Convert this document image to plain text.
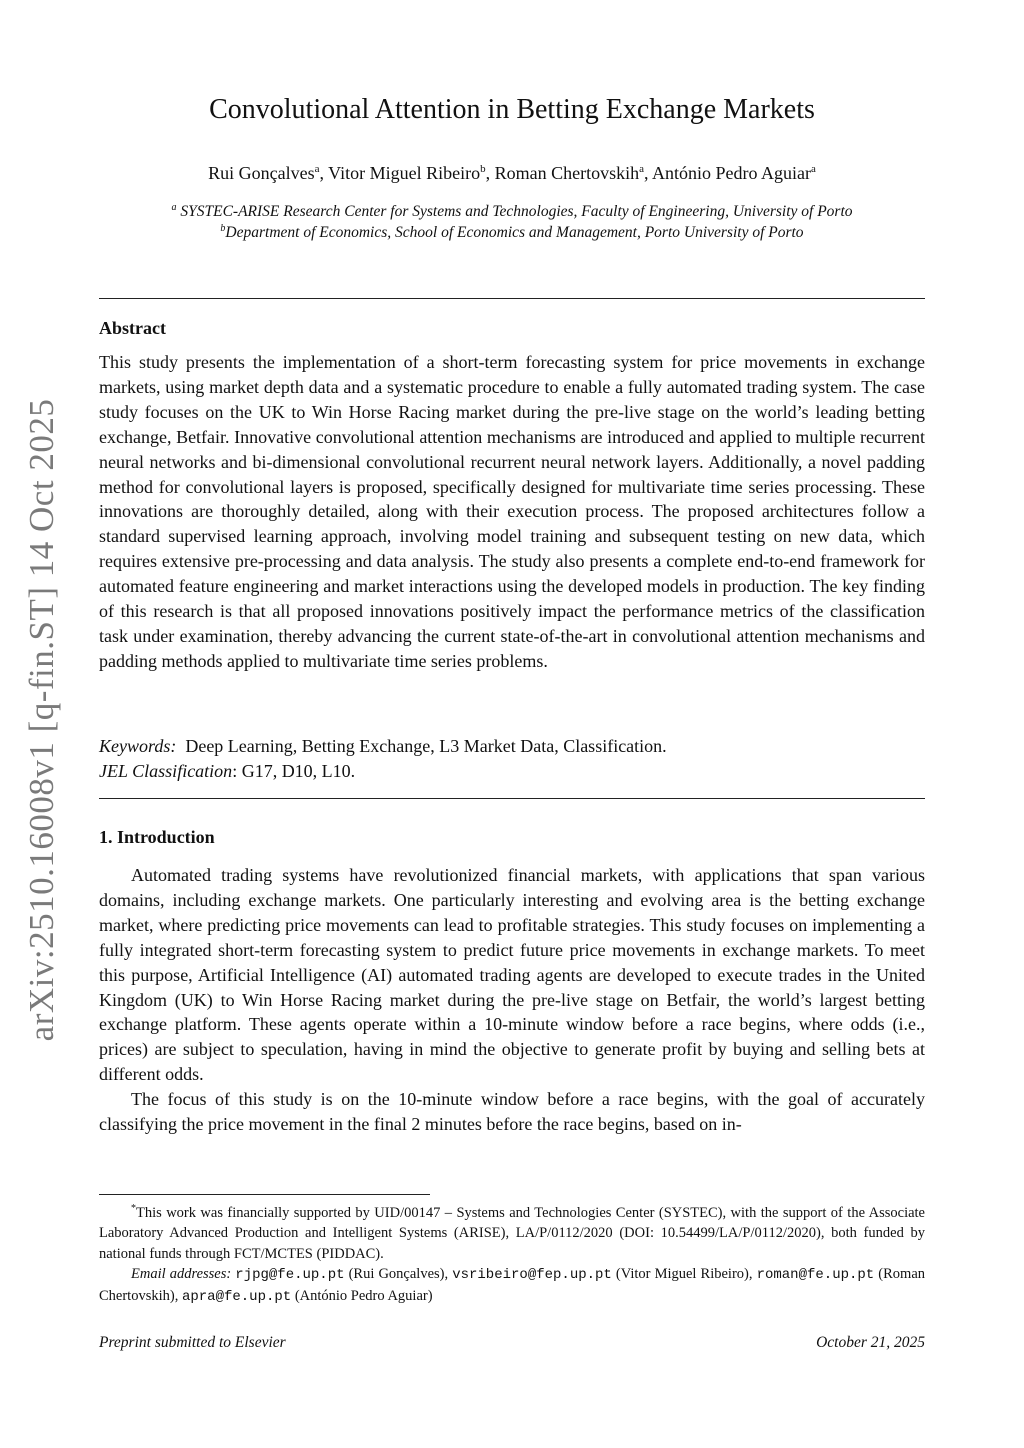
arXiv:2510.16008v1 [q-fin.ST] 14 Oct 2025
Convolutional Attention in Betting Exchange Markets
Rui Gonçalves$^a$, Vitor Miguel Ribeiro$^b$, Roman Chertovskih$^a$, António Pedro Aguiar$^a$
$^a$ SYSTEC-ARISE Research Center for Systems and Technologies, Faculty of Engineering, University of Porto
$^b$Department of Economics, School of Economics and Management, Porto University of Porto
Abstract
This study presents the implementation of a short-term forecasting system for price movements in exchange markets, using market depth data and a systematic procedure to enable a fully automated trading system. The case study focuses on the UK to Win Horse Racing market during the pre-live stage on the world’s leading betting exchange, Betfair. Innovative convolutional attention mechanisms are introduced and applied to multiple recurrent neural networks and bi-dimensional convolutional recurrent neural network layers. Additionally, a novel padding method for convolutional layers is proposed, specifically designed for multivariate time series processing. These innovations are thoroughly detailed, along with their execution process. The proposed architectures follow a standard supervised learning approach, involving model training and subsequent testing on new data, which requires extensive pre-processing and data analysis. The study also presents a complete end-to-end framework for automated feature engineering and market interactions using the developed models in production. The key finding of this research is that all proposed innovations positively impact the performance metrics of the classification task under examination, thereby advancing the current state-of-the-art in convolutional attention mechanisms and padding methods applied to multivariate time series problems.
Keywords: Deep Learning, Betting Exchange, L3 Market Data, Classification.
JEL Classification: G17, D10, L10.
1. Introduction

Automated trading systems have revolutionized financial markets, with applications that span various domains, including exchange markets. One particularly interesting and evolving area is the betting exchange market, where predicting price movements can lead to profitable strategies. This study focuses on implementing a fully integrated short-term forecasting system to predict future price movements in exchange markets. To meet this purpose, Artificial Intelligence (AI) automated trading agents are developed to execute trades in the United Kingdom (UK) to Win Horse Racing market during the pre-live stage on Betfair, the world’s largest betting exchange platform. These agents operate within a 10-minute window before a race begins, where odds (i.e., prices) are subject to speculation, having in mind the objective to generate profit by buying and selling bets at different odds.

The focus of this study is on the 10-minute window before a race begins, with the goal of accurately classifying the price movement in the final 2 minutes before the race begins, based on in-

*This work was financially supported by UID/00147 – Systems and Technologies Center (SYSTEC), with the support of the Associate Laboratory Advanced Production and Intelligent Systems (ARISE), LA/P/0112/2020 (DOI: 10.54499/LA/P/0112/2020), both funded by national funds through FCT/MCTES (PIDDAC).

Email addresses: rjpg@fe.up.pt (Rui Gonçalves), vsribeiro@fep.up.pt (Vitor Miguel Ribeiro), roman@fe.up.pt (Roman Chertovskih), apra@fe.up.pt (António Pedro Aguiar)

Preprint submitted to Elsevier	October 21, 2025
